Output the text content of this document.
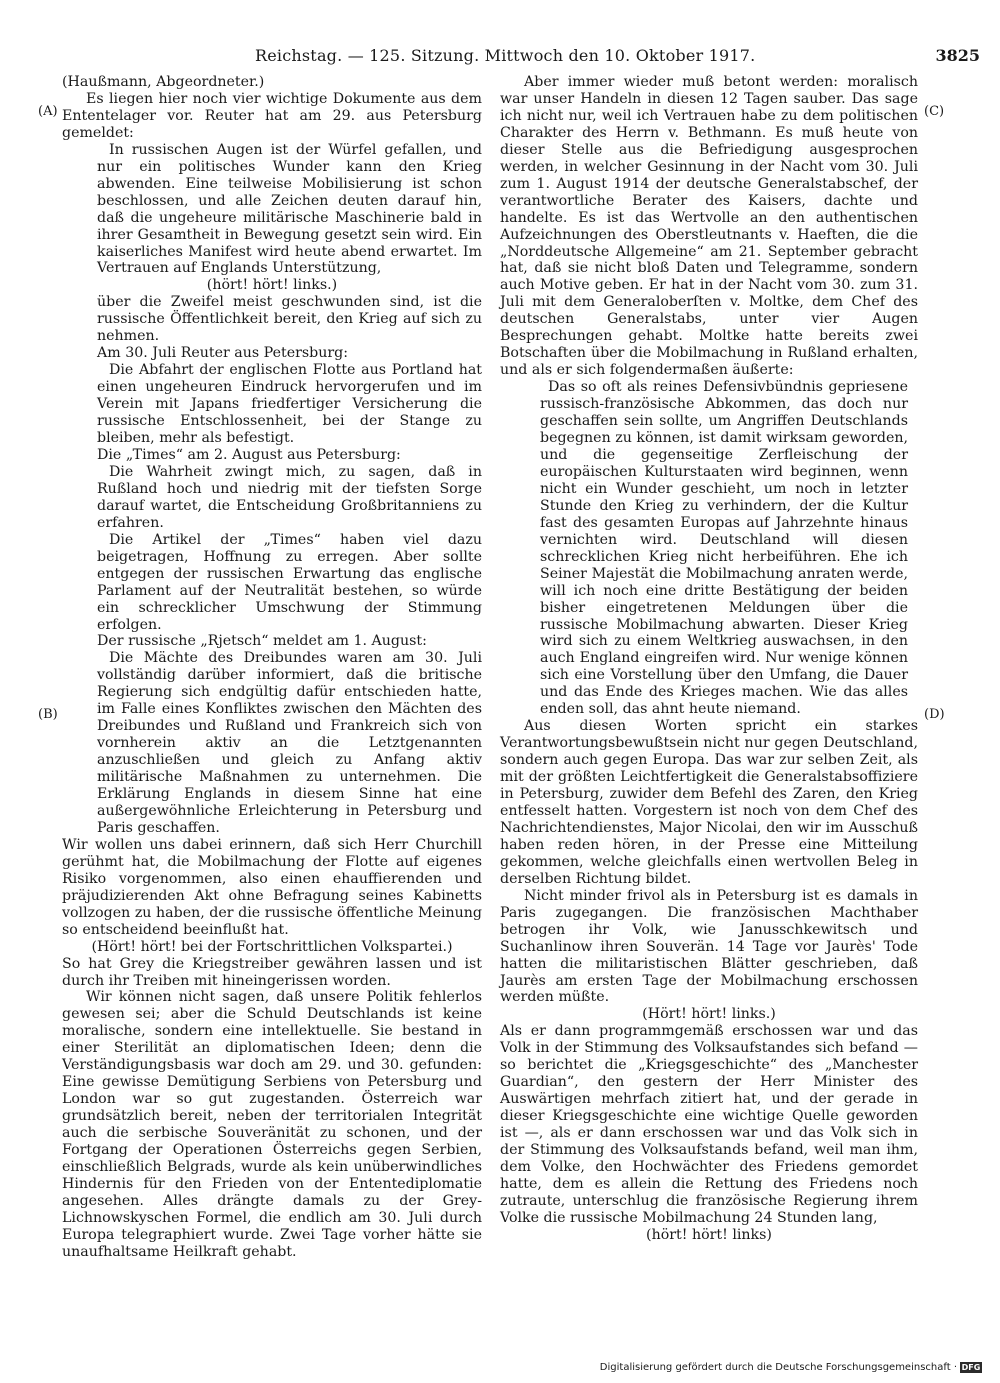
Reichstag. — 125. Sitzung. Mittwoch den 10. Oktober 1917.	3825
(A)
(B)
(C)
(D)

(Haußmann, Abgeordneter.)

Es liegen hier noch vier wichtige Dokumente aus dem Ententelager vor. Reuter hat am 29. aus Petersburg gemeldet:

In russischen Augen ist der Würfel gefallen, und nur ein politisches Wunder kann den Krieg abwenden. Eine teilweise Mobilisierung ist schon beschlossen, und alle Zeichen deuten darauf hin, daß die ungeheure militärische Maschinerie bald in ihrer Gesamtheit in Bewegung gesetzt sein wird. Ein kaiserliches Manifest wird heute abend erwartet. Im Vertrauen auf Englands Unterstützung,

(hört! hört! links.)

über die Zweifel meist geschwunden sind, ist die russische Öffentlichkeit bereit, den Krieg auf sich zu nehmen.

Am 30. Juli Reuter aus Petersburg:

Die Abfahrt der englischen Flotte aus Portland hat einen ungeheuren Eindruck hervorgerufen und im Verein mit Japans friedfertiger Versicherung die russische Entschlossenheit, bei der Stange zu bleiben, mehr als befestigt.

Die „Times“ am 2. August aus Petersburg:

Die Wahrheit zwingt mich, zu sagen, daß in Rußland hoch und niedrig mit der tiefsten Sorge darauf wartet, die Entscheidung Großbritanniens zu erfahren.

Die Artikel der „Times“ haben viel dazu beigetragen, Hoffnung zu erregen. Aber sollte entgegen der russischen Erwartung das englische Parlament auf der Neutralität bestehen, so würde ein schrecklicher Umschwung der Stimmung erfolgen.

Der russische „Rjetsch“ meldet am 1. August:

Die Mächte des Dreibundes waren am 30. Juli vollständig darüber informiert, daß die britische Regierung sich endgültig dafür entschieden hatte, im Falle eines Konfliktes zwischen den Mächten des Dreibundes und Rußland und Frankreich sich von vornherein aktiv an die Letztgenannten anzuschließen und gleich zu Anfang aktiv militärische Maßnahmen zu unternehmen. Die Erklärung Englands in diesem Sinne hat eine außergewöhnliche Erleichterung in Petersburg und Paris geschaffen.

Wir wollen uns dabei erinnern, daß sich Herr Churchill gerühmt hat, die Mobilmachung der Flotte auf eigenes Risiko vorgenommen, also einen ehauffierenden und präjudizierenden Akt ohne Befragung seines Kabinetts vollzogen zu haben, der die russische öffentliche Meinung so entscheidend beeinflußt hat.

(Hört! hört! bei der Fortschrittlichen Volkspartei.)

So hat Grey die Kriegstreiber gewähren lassen und ist durch ihr Treiben mit hineingerissen worden.

Wir können nicht sagen, daß unsere Politik fehlerlos gewesen sei; aber die Schuld Deutschlands ist keine moralische, sondern eine intellektuelle. Sie bestand in einer Sterilität an diplomatischen Ideen; denn die Verständigungsbasis war doch am 29. und 30. gefunden: Eine gewisse Demütigung Serbiens von Petersburg und London war so gut zugestanden. Österreich war grundsätzlich bereit, neben der territorialen Integrität auch die serbische Souveränität zu schonen, und der Fortgang der Operationen Österreichs gegen Serbien, einschließlich Belgrads, wurde als kein unüberwindliches Hindernis für den Frieden von der Ententediplomatie angesehen. Alles drängte damals zu der Grey-Lichnowskyschen Formel, die endlich am 30. Juli durch Europa telegraphiert wurde. Zwei Tage vorher hätte sie unaufhaltsame Heilkraft gehabt.

Aber immer wieder muß betont werden: moralisch war unser Handeln in diesen 12 Tagen sauber. Das sage ich nicht nur, weil ich Vertrauen habe zu dem politischen Charakter des Herrn v. Bethmann. Es muß heute von dieser Stelle aus die Befriedigung ausgesprochen werden, in welcher Gesinnung in der Nacht vom 30. Juli zum 1. August 1914 der deutsche Generalstabschef, der verantwortliche Berater des Kaisers, dachte und handelte. Es ist das Wertvolle an den authentischen Aufzeichnungen des Oberstleutnants v. Haeften, die die „Norddeutsche Allgemeine“ am 21. September gebracht hat, daß sie nicht bloß Daten und Telegramme, sondern auch Motive geben. Er hat in der Nacht vom 30. zum 31. Juli mit dem Generaloberſten v. Moltke, dem Chef des deutschen Generalstabs, unter vier Augen Besprechungen gehabt. Moltke hatte bereits zwei Botschaften über die Mobilmachung in Rußland erhalten, und als er sich folgendermaßen äußerte:

Das so oft als reines Defensivbündnis gepriesene russisch-französische Abkommen, das doch nur geschaffen sein sollte, um Angriffen Deutschlands begegnen zu können, ist damit wirksam geworden, und die gegenseitige Zerfleischung der europäischen Kulturstaaten wird beginnen, wenn nicht ein Wunder geschieht, um noch in letzter Stunde den Krieg zu verhindern, der die Kultur fast des gesamten Europas auf Jahrzehnte hinaus vernichten wird. Deutschland will diesen schrecklichen Krieg nicht herbeiführen. Ehe ich Seiner Majestät die Mobilmachung anraten werde, will ich noch eine dritte Bestätigung der beiden bisher eingetretenen Meldungen über die russische Mobilmachung abwarten. Dieser Krieg wird sich zu einem Weltkrieg auswachsen, in den auch England eingreifen wird. Nur wenige können sich eine Vorstellung über den Umfang, die Dauer und das Ende des Krieges machen. Wie das alles enden soll, das ahnt heute niemand.

Aus diesen Worten spricht ein starkes Verantwortungsbewußtsein nicht nur gegen Deutschland, sondern auch gegen Europa. Das war zur selben Zeit, als mit der größten Leichtfertigkeit die Generalstabsoffiziere in Petersburg, zuwider dem Befehl des Zaren, den Krieg entfesselt hatten. Vorgestern ist noch von dem Chef des Nachrichtendienstes, Major Nicolai, den wir im Ausschuß haben reden hören, in der Presse eine Mitteilung gekommen, welche gleichfalls einen wertvollen Beleg in derselben Richtung bildet.

Nicht minder frivol als in Petersburg ist es damals in Paris zugegangen. Die französischen Machthaber betrogen ihr Volk, wie Janusschkewitsch und Suchanlinow ihren Souverän. 14 Tage vor Jaurès' Tode hatten die militaristischen Blätter geschrieben, daß Jaurès am ersten Tage der Mobilmachung erschossen werden müßte.

(Hört! hört! links.)

Als er dann programmgemäß erschossen war und das Volk in der Stimmung des Volksaufstandes sich befand — so berichtet die „Kriegsgeschichte“ des „Manchester Guardian“, den gestern der Herr Minister des Auswärtigen mehrfach zitiert hat, und der gerade in dieser Kriegsgeschichte eine wichtige Quelle geworden ist —, als er dann erschossen war und das Volk sich in der Stimmung des Volksaufstands befand, weil man ihm, dem Volke, den Hochwächter des Friedens gemordet hatte, dem es allein die Rettung des Friedens noch zutraute, unterschlug die französische Regierung ihrem Volke die russische Mobilmachung 24 Stunden lang,

(hört! hört! links)

Digitalisierung gefördert durch die Deutsche Forschungsgemeinschaft · DFG
